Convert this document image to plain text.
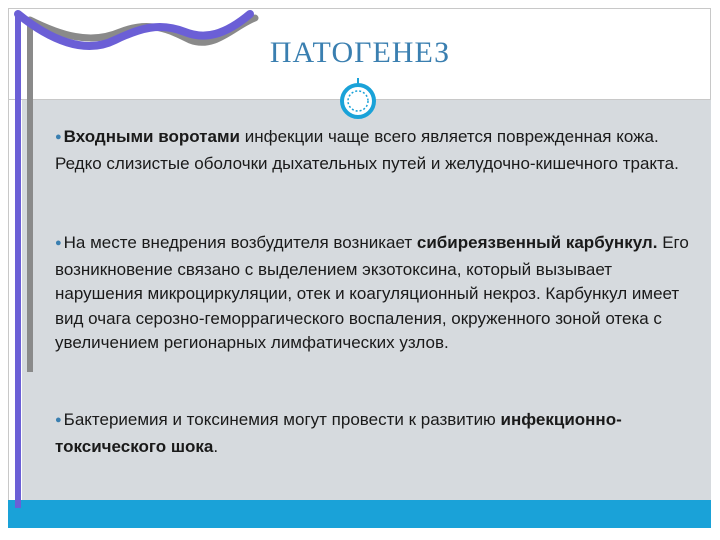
ПАТОГЕНЕЗ

● Входными воротами инфекции чаще всего является поврежденная кожа. Редко слизистые оболочки дыхательных путей и желудочно-кишечного тракта.

● На месте внедрения возбудителя возникает сибиреязвенный карбункул. Его возникновение связано с выделением экзотоксина, который вызывает нарушения микроциркуляции, отек и коагуляционный некроз. Карбункул имеет вид очага серозно-геморрагического воспаления, окруженного зоной отека с увеличением регионарных лимфатических узлов.

● Бактериемия и токсинемия могут провести к развитию инфекционно-токсического шока.
